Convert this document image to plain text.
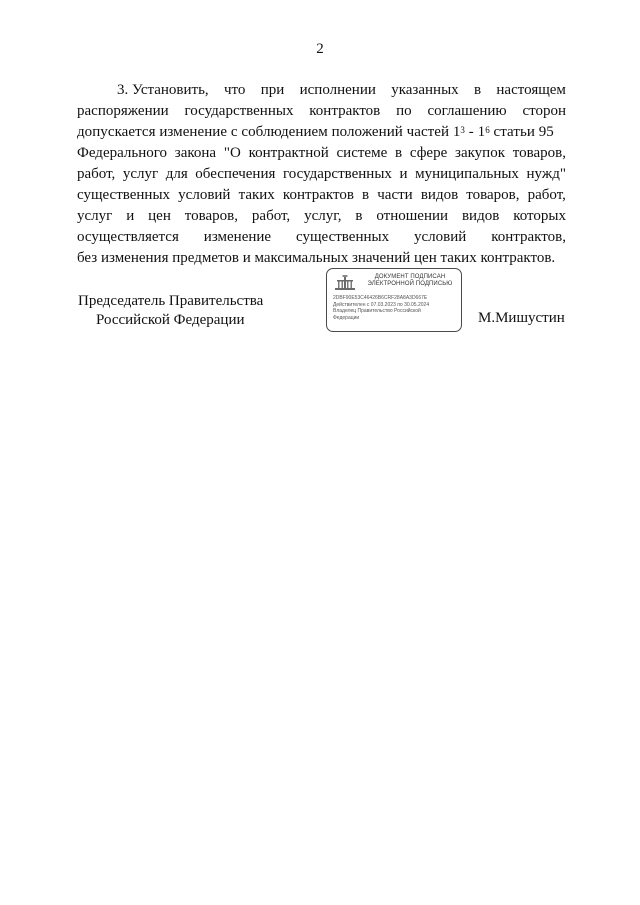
2
3. Установить, что при исполнении указанных в настоящем
распоряжении государственных контрактов по соглашению сторон
допускается изменение с соблюдением положений частей $1^3 - 1^6$ статьи 95
Федерального закона "О контрактной системе в сфере закупок товаров,
работ, услуг для обеспечения государственных и муниципальных нужд"
существенных условий таких контрактов в части видов товаров, работ,
услуг и цен товаров, работ, услуг, в отношении видов которых
осуществляется изменение существенных условий контрактов,
без изменения предметов и максимальных значений цен таких контрактов.
Председатель Правительства
Российской Федерации
ДОКУМЕНТ ПОДПИСАН
ЭЛЕКТРОННОЙ ПОДПИСЬЮ
2DBF90E53C46426B6CRF28A8A3D667E
Действителен с 07.03.2023 по 30.05.2024
Владелец Правительство Российской
Федерации	М.Мишустин
